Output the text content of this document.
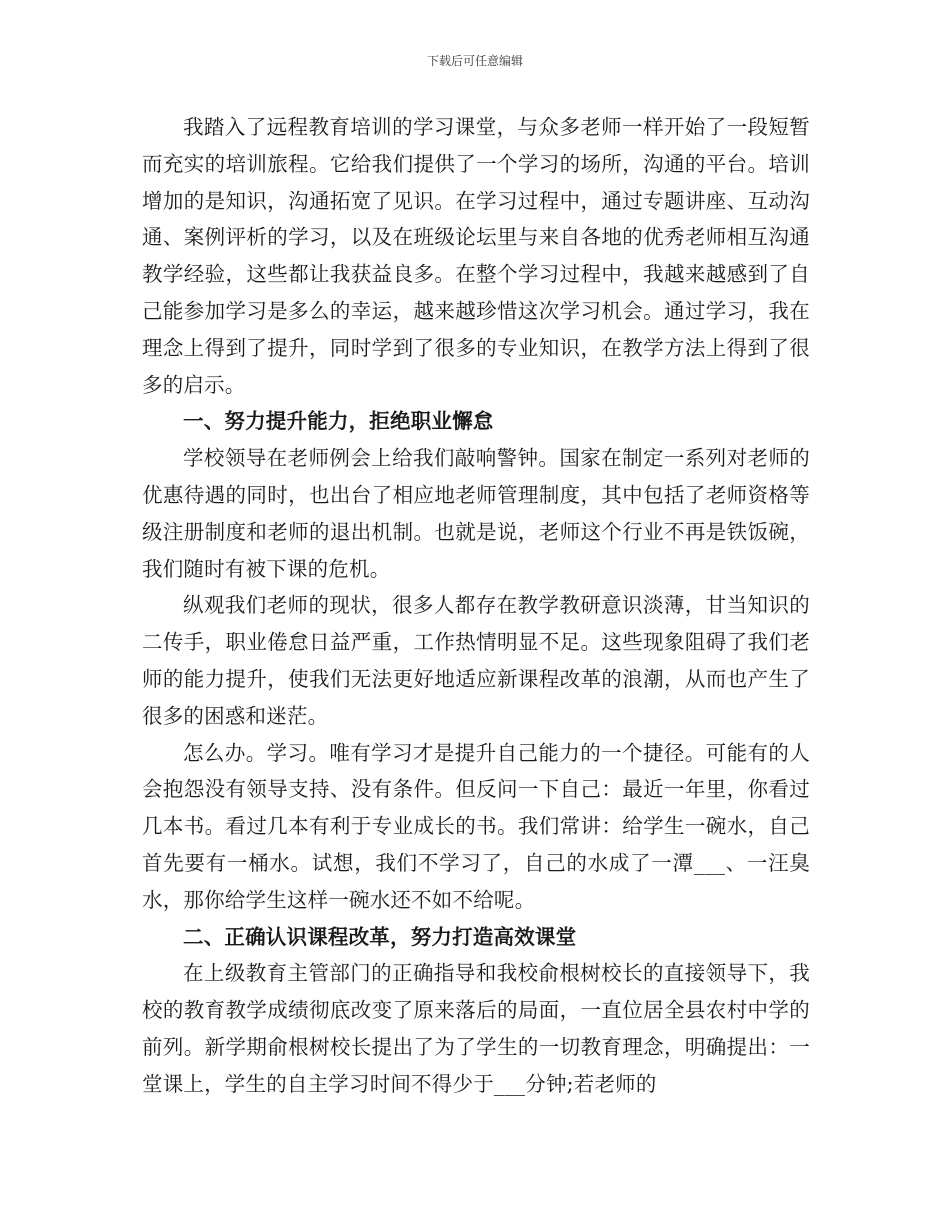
下载后可任意编辑

我踏入了远程教育培训的学习课堂，与众多老师一样开始了一段短暂而充实的培训旅程。它给我们提供了一个学习的场所，沟通的平台。培训增加的是知识，沟通拓宽了见识。在学习过程中，通过专题讲座、互动沟通、案例评析的学习，以及在班级论坛里与来自各地的优秀老师相互沟通教学经验，这些都让我获益良多。在整个学习过程中，我越来越感到了自己能参加学习是多么的幸运，越来越珍惜这次学习机会。通过学习，我在理念上得到了提升，同时学到了很多的专业知识，在教学方法上得到了很多的启示。

一、努力提升能力，拒绝职业懈怠

学校领导在老师例会上给我们敲响警钟。国家在制定一系列对老师的优惠待遇的同时，也出台了相应地老师管理制度，其中包括了老师资格等级注册制度和老师的退出机制。也就是说，老师这个行业不再是铁饭碗，我们随时有被下课的危机。

纵观我们老师的现状，很多人都存在教学教研意识淡薄，甘当知识的二传手，职业倦怠日益严重，工作热情明显不足。这些现象阻碍了我们老师的能力提升，使我们无法更好地适应新课程改革的浪潮，从而也产生了很多的困惑和迷茫。

怎么办。学习。唯有学习才是提升自己能力的一个捷径。可能有的人会抱怨没有领导支持、没有条件。但反问一下自己：最近一年里，你看过几本书。看过几本有利于专业成长的书。我们常讲：给学生一碗水，自己首先要有一桶水。试想，我们不学习了，自己的水成了一潭___、一汪臭水，那你给学生这样一碗水还不如不给呢。

二、正确认识课程改革，努力打造高效课堂

在上级教育主管部门的正确指导和我校俞根树校长的直接领导下，我校的教育教学成绩彻底改变了原来落后的局面，一直位居全县农村中学的前列。新学期俞根树校长提出了为了学生的一切教育理念，明确提出：一堂课上，学生的自主学习时间不得少于___分钟;若老师的
